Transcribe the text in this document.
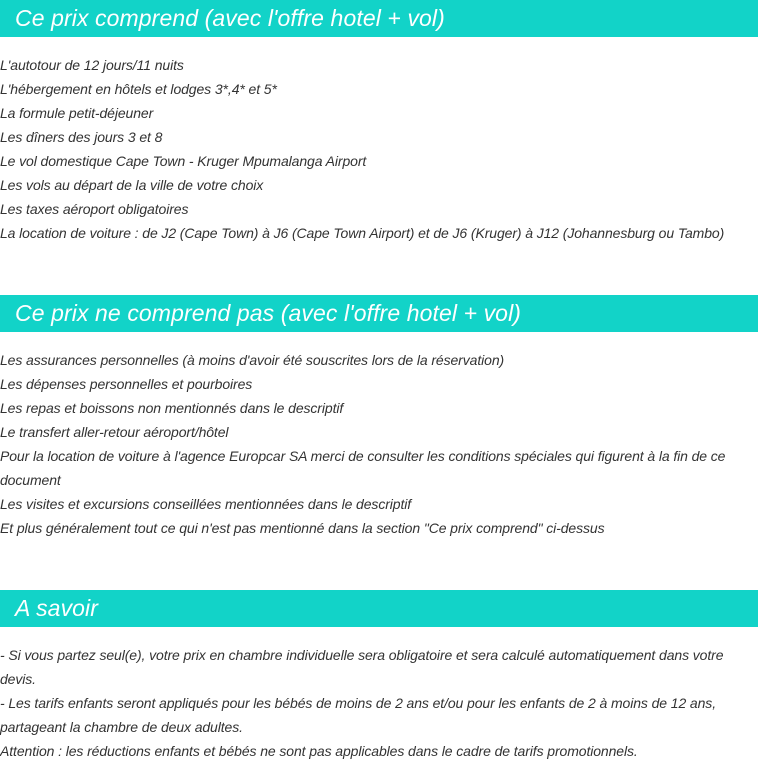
Ce prix comprend (avec l'offre hotel + vol)
L'autotour de 12 jours/11 nuits
L'hébergement en hôtels et lodges 3*,4* et 5*
La formule petit-déjeuner
Les dîners des jours 3 et 8
Le vol domestique Cape Town - Kruger Mpumalanga Airport
Les vols au départ de la ville de votre choix
Les taxes aéroport obligatoires
La location de voiture : de J2 (Cape Town) à J6 (Cape Town Airport) et de J6 (Kruger) à J12 (Johannesburg ou Tambo)
Ce prix ne comprend pas (avec l'offre hotel + vol)
Les assurances personnelles (à moins d'avoir été souscrites lors de la réservation)
Les dépenses personnelles et pourboires
Les repas et boissons non mentionnés dans le descriptif
Le transfert aller-retour aéroport/hôtel
Pour la location de voiture à l'agence Europcar SA merci de consulter les conditions spéciales qui figurent à la fin de ce document
Les visites et excursions conseillées mentionnées dans le descriptif
Et plus généralement tout ce qui n'est pas mentionné dans la section "Ce prix comprend" ci-dessus
A savoir
- Si vous partez seul(e), votre prix en chambre individuelle sera obligatoire et sera calculé automatiquement dans votre devis.
- Les tarifs enfants seront appliqués pour les bébés de moins de 2 ans et/ou pour les enfants de 2 à moins de 12 ans, partageant la chambre de deux adultes.
Attention : les réductions enfants et bébés ne sont pas applicables dans le cadre de tarifs promotionnels.
